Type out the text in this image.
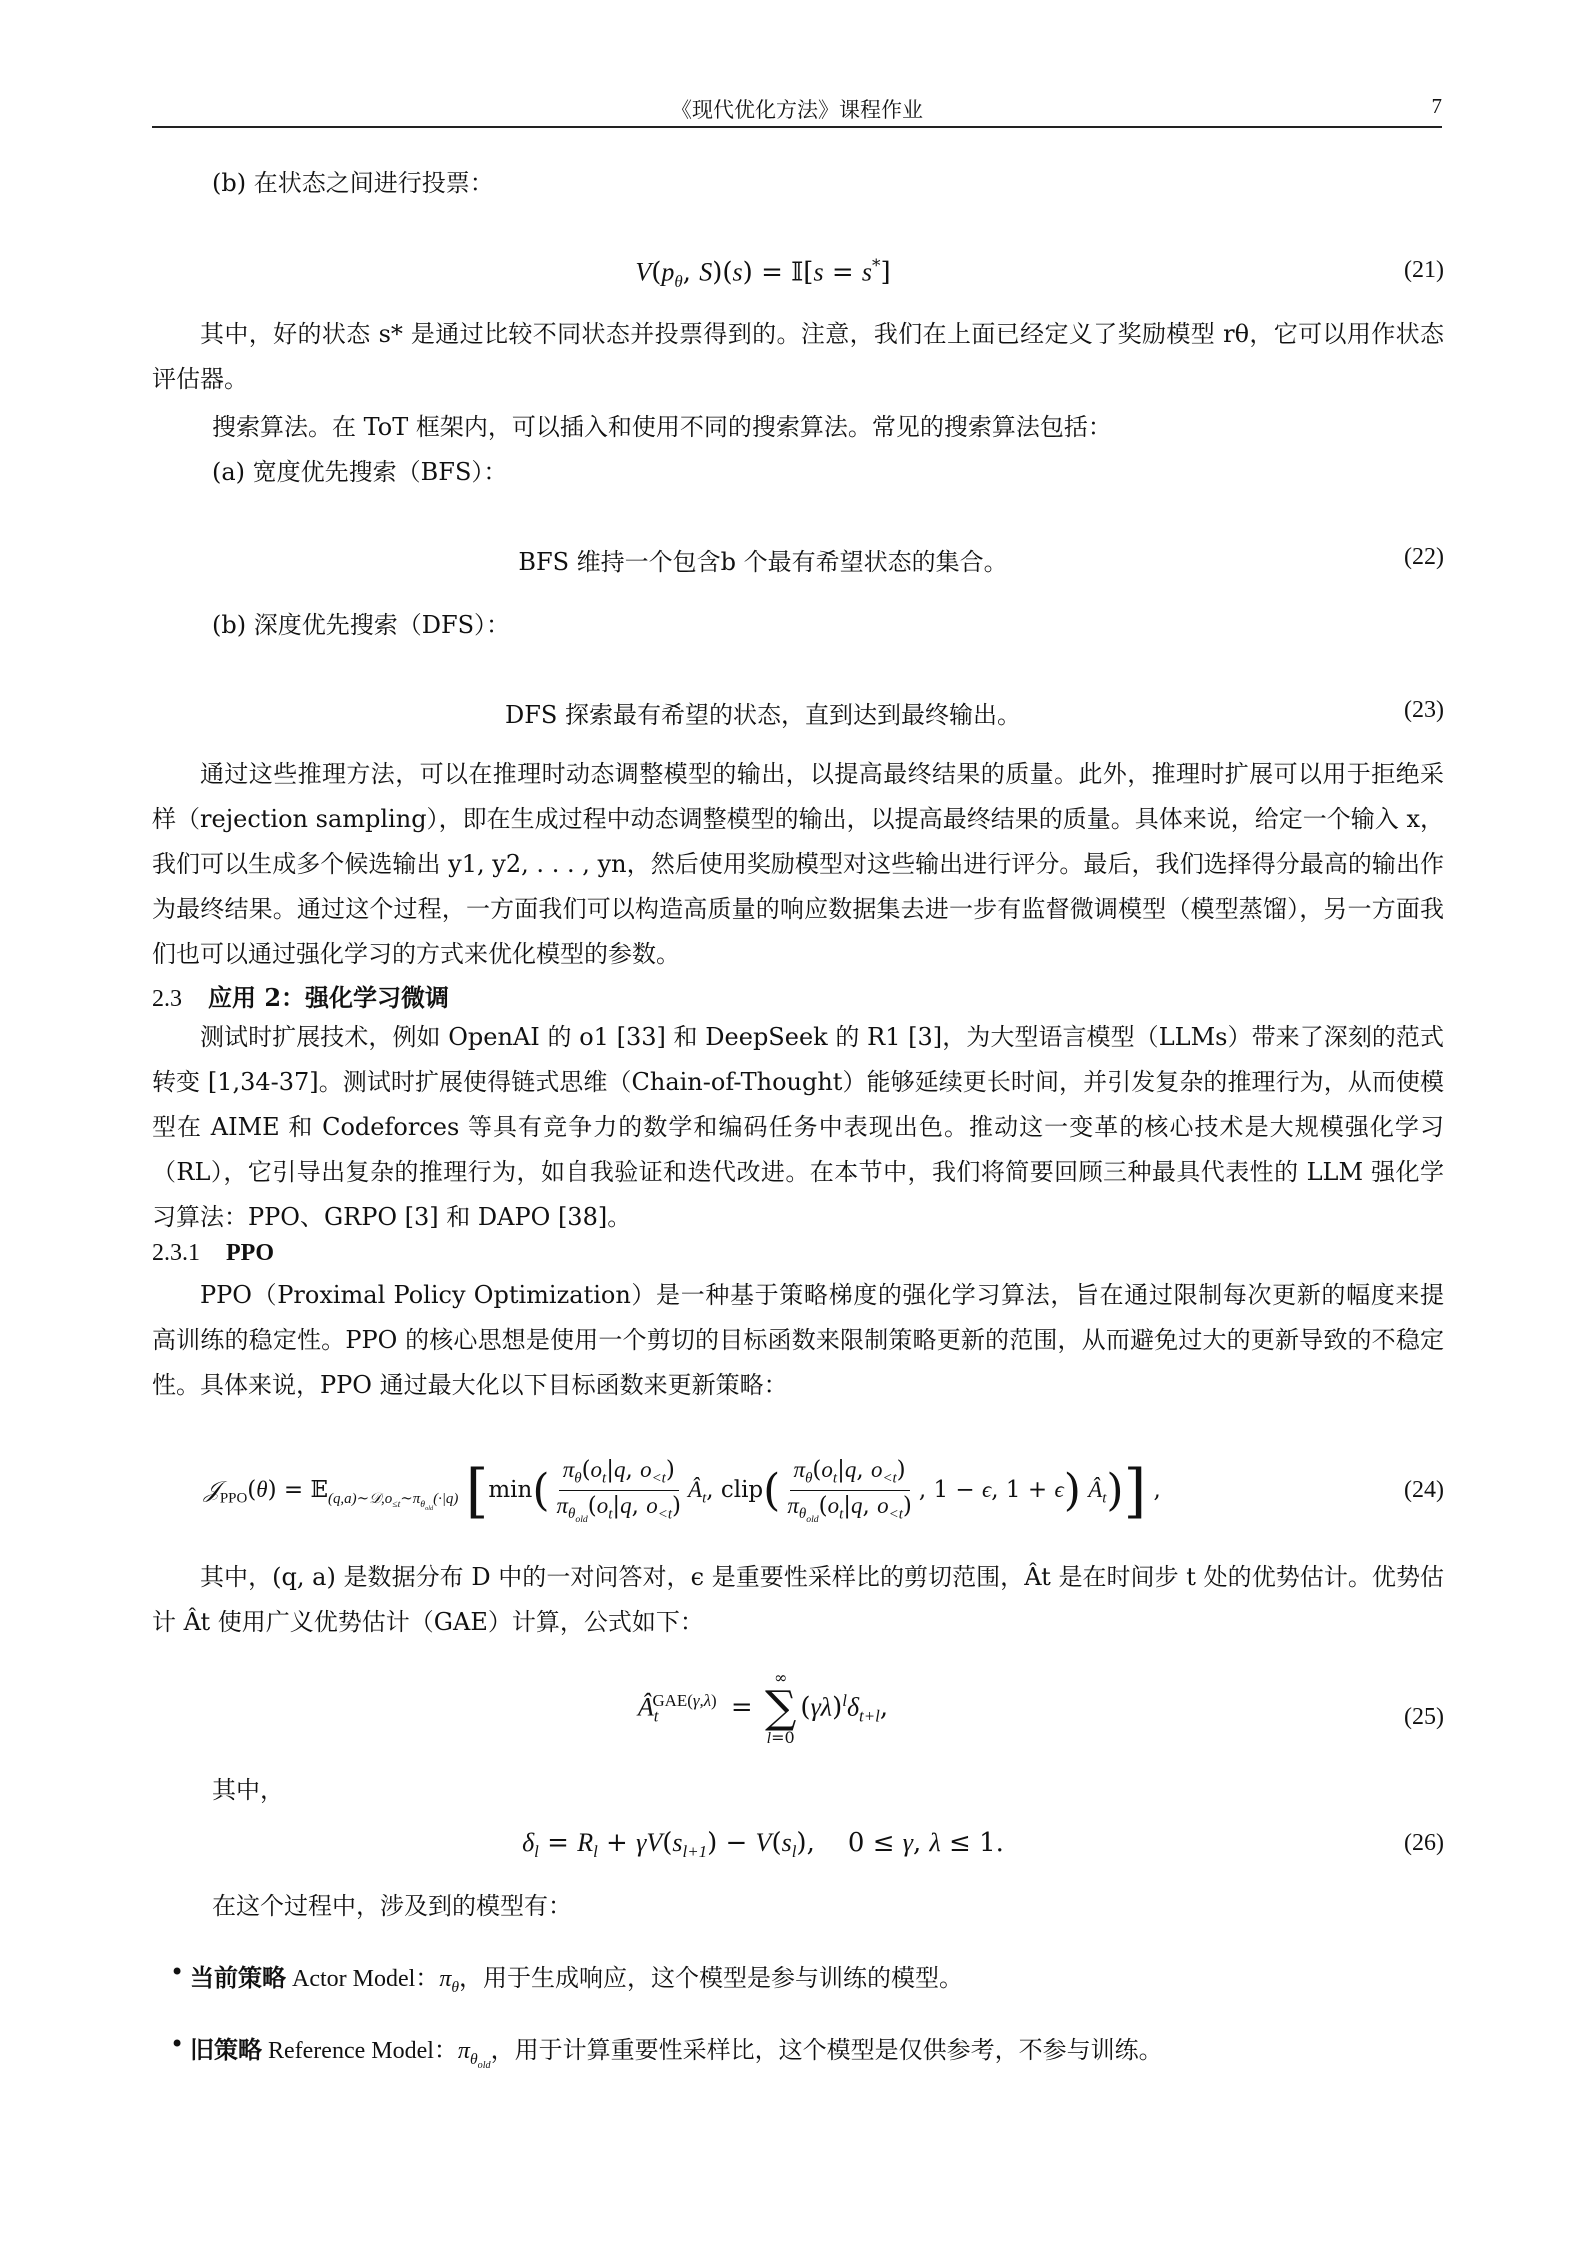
《现代优化方法》课程作业	7
(b) 在状态之间进行投票：
$V(p_\theta$, S)(s) = 𝕀[s = s*]	(21)
其中，好的状态 s* 是通过比较不同状态并投票得到的。注意，我们在上面已经定义了奖励模型 rθ，它可以用作状态评估器。
搜索算法。在 ToT 框架内，可以插入和使用不同的搜索算法。常见的搜索算法包括：
(a) 宽度优先搜索（BFS）：
BFS 维持一个包含b 个最有希望状态的集合。	(22)
(b) 深度优先搜索（DFS）：
DFS 探索最有希望的状态，直到达到最终输出。	(23)
通过这些推理方法，可以在推理时动态调整模型的输出，以提高最终结果的质量。此外，推理时扩展可以用于拒绝采样（rejection sampling），即在生成过程中动态调整模型的输出，以提高最终结果的质量。具体来说，给定一个输入 x，我们可以生成多个候选输出 y1, y2, . . . , yn，然后使用奖励模型对这些输出进行评分。最后，我们选择得分最高的输出作为最终结果。通过这个过程，一方面我们可以构造高质量的响应数据集去进一步有监督微调模型（模型蒸馏），另一方面我们也可以通过强化学习的方式来优化模型的参数。
2.3 应用 2：强化学习微调
测试时扩展技术，例如 OpenAI 的 o1 [33] 和 DeepSeek 的 R1 [3]，为大型语言模型（LLMs）带来了深刻的范式转变 [1,34-37]。测试时扩展使得链式思维（Chain-of-Thought）能够延续更长时间，并引发复杂的推理行为，从而使模型在 AIME 和 Codeforces 等具有竞争力的数学和编码任务中表现出色。推动这一变革的核心技术是大规模强化学习（RL），它引导出复杂的推理行为，如自我验证和迭代改进。在本节中，我们将简要回顾三种最具代表性的 LLM 强化学习算法：PPO、GRPO [3] 和 DAPO [38]。
2.3.1 PPO
PPO（Proximal Policy Optimization）是一种基于策略梯度的强化学习算法，旨在通过限制每次更新的幅度来提高训练的稳定性。PPO 的核心思想是使用一个剪切的目标函数来限制策略更新的范围，从而避免过大的更新导致的不稳定性。具体来说，PPO 通过最大化以下目标函数来更新策略：
𝒥$_{PPO}$(θ) = 𝔼$_{(q,a)\sim 𝒟,o_{\le t}\sim\pi_{\theta_{old}}(\cdot|q)}$ [$\min( \frac{\pi_\theta(o_t|q, o_{<t})}{\pi_{\theta_{old}}(o_t|q, o_{<t})}$ $Â_t$, clip( $\frac{\pi_\theta(o_t|q, o_{<t})}{\pi_{\theta_{old}}(o_t|q, o_{<t})}$ , 1 − ϵ, 1 + ϵ) $Â_t$)] ,	(24)
其中，(q, a) 是数据分布 D 中的一对问答对，ϵ 是重要性采样比的剪切范围，Ât 是在时间步 t 处的优势估计。优势估计 Ât 使用广义优势估计（GAE）计算，公式如下：
$Â_t^{GAE(\gamma,\lambda)}$ =
∞
∑
l=0
$(\gamma\lambda)^l\delta_{t+l}$,	(25)
其中，
$\delta_l = R_l + \gamma V(s_{l+1}) - V(s_l)$,    0 ≤ γ, λ ≤ 1.	(26)
在这个过程中，涉及到的模型有：
• 当前策略 Actor Model：$\pi_\theta$，用于生成响应，这个模型是参与训练的模型。
• 旧策略 Reference Model：$\pi_{\theta_{old}}$，用于计算重要性采样比，这个模型是仅供参考，不参与训练。
